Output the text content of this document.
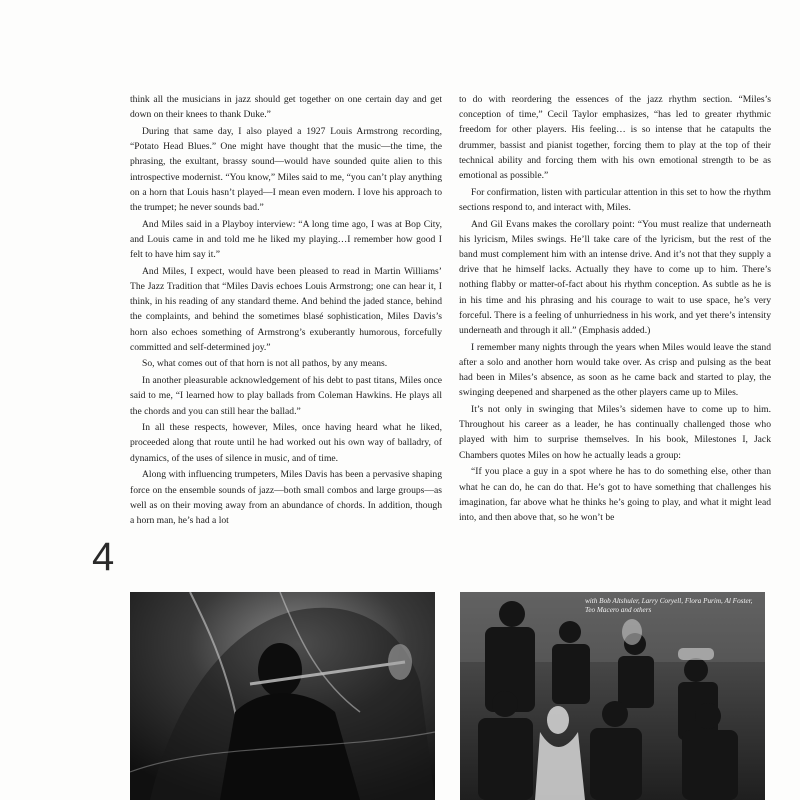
think all the musicians in jazz should get together on one certain day and get down on their knees to thank Duke.”

During that same day, I also played a 1927 Louis Armstrong recording, “Potato Head Blues.” One might have thought that the music—the time, the phrasing, the exultant, brassy sound—would have sounded quite alien to this introspective modernist. “You know,” Miles said to me, “you can’t play anything on a horn that Louis hasn’t played—I mean even modern. I love his approach to the trumpet; he never sounds bad.”

And Miles said in a Playboy interview: “A long time ago, I was at Bop City, and Louis came in and told me he liked my playing…I remember how good I felt to have him say it.”

And Miles, I expect, would have been pleased to read in Martin Williams’ The Jazz Tradition that “Miles Davis echoes Louis Armstrong; one can hear it, I think, in his reading of any standard theme. And behind the jaded stance, behind the complaints, and behind the sometimes blasé sophistication, Miles Davis’s horn also echoes something of Armstrong’s exuberantly humorous, forcefully committed and self-determined joy.”

So, what comes out of that horn is not all pathos, by any means.

In another pleasurable acknowledgement of his debt to past titans, Miles once said to me, “I learned how to play ballads from Coleman Hawkins. He plays all the chords and you can still hear the ballad.”

In all these respects, however, Miles, once having heard what he liked, proceeded along that route until he had worked out his own way of balladry, of dynamics, of the uses of silence in music, and of time.

Along with influencing trumpeters, Miles Davis has been a pervasive shaping force on the ensemble sounds of jazz—both small combos and large groups—as well as on their moving away from an abundance of chords. In addition, though a horn man, he’s had a lot

to do with reordering the essences of the jazz rhythm section. “Miles’s conception of time,” Cecil Taylor emphasizes, “has led to greater rhythmic freedom for other players. His feeling… is so intense that he catapults the drummer, bassist and pianist together, forcing them to play at the top of their technical ability and forcing them with his own emotional strength to be as emotional as possible.”

For confirmation, listen with particular attention in this set to how the rhythm sections respond to, and interact with, Miles.

And Gil Evans makes the corollary point: “You must realize that underneath his lyricism, Miles swings. He’ll take care of the lyricism, but the rest of the band must complement him with an intense drive. And it’s not that they supply a drive that he himself lacks. Actually they have to come up to him. There’s nothing flabby or matter-of-fact about his rhythm conception. As subtle as he is in his time and his phrasing and his courage to wait to use space, he’s very forceful. There is a feeling of unhurriedness in his work, and yet there’s intensity underneath and through it all.” (Emphasis added.)

I remember many nights through the years when Miles would leave the stand after a solo and another horn would take over. As crisp and pulsing as the beat had been in Miles’s absence, as soon as he came back and started to play, the swinging deepened and sharpened as the other players came up to Miles.

It’s not only in swinging that Miles’s sidemen have to come up to him. Throughout his career as a leader, he has continually challenged those who played with him to surprise themselves. In his book, Milestones I, Jack Chambers quotes Miles on how he actually leads a group:

“If you place a guy in a spot where he has to do something else, other than what he can do, he can do that. He’s got to have something that challenges his imagination, far above what he thinks he’s going to play, and what it might lead into, and then above that, so he won’t be

4
with Bob Altshuler, Larry Coryell, Flora Purim, Al Foster, Teo Macero and others
